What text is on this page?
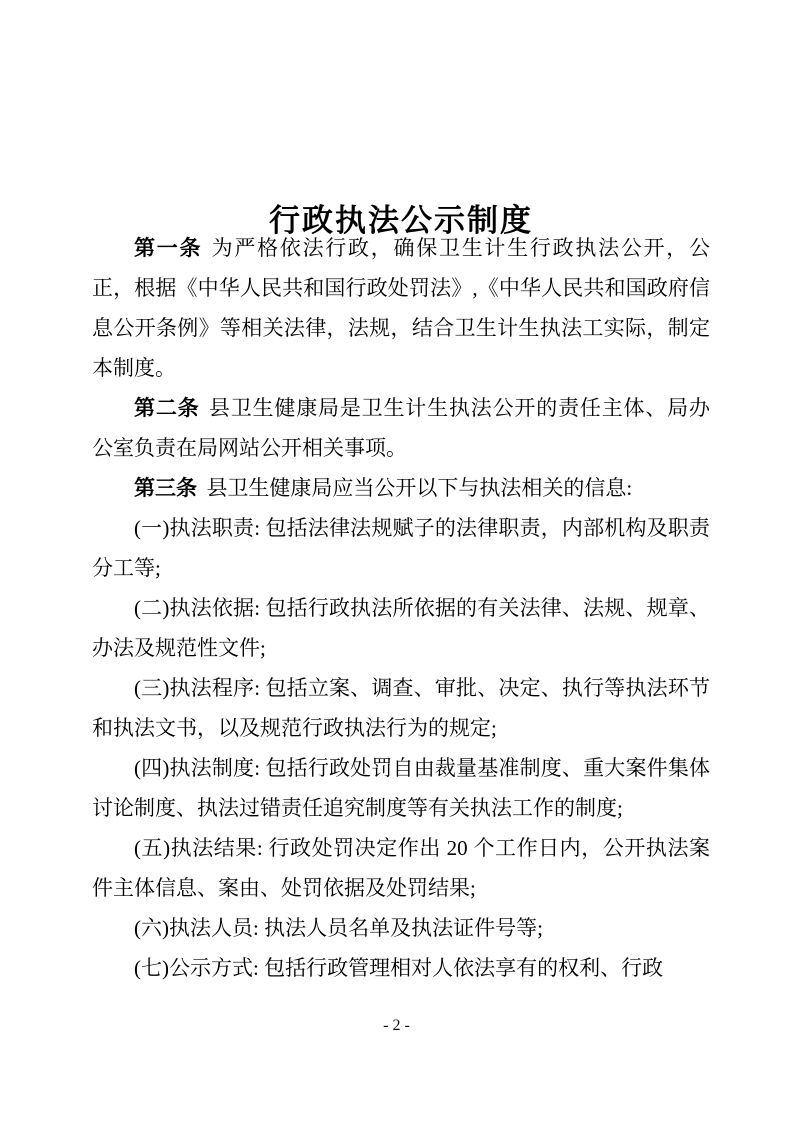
行政执法公示制度

第一条 为严格依法行政，确保卫生计生行政执法公开，公正，根据《中华人民共和国行政处罚法》,《中华人民共和国政府信息公开条例》等相关法律，法规，结合卫生计生执法工实际，制定本制度。

第二条 县卫生健康局是卫生计生执法公开的责任主体、局办公室负责在局网站公开相关事项。

第三条 县卫生健康局应当公开以下与执法相关的信息:

(一)执法职责: 包括法律法规赋子的法律职责，内部机构及职责分工等;

(二)执法依据: 包括行政执法所依据的有关法律、法规、规章、办法及规范性文件;

(三)执法程序: 包括立案、调查、审批、决定、执行等执法环节和执法文书，以及规范行政执法行为的规定;

(四)执法制度: 包括行政处罚自由裁量基准制度、重大案件集体讨论制度、执法过错责任追究制度等有关执法工作的制度;

(五)执法结果: 行政处罚决定作出 20 个工作日内，公开执法案件主体信息、案由、处罚依据及处罚结果;

(六)执法人员: 执法人员名单及执法证件号等;

(七)公示方式: 包括行政管理相对人依法享有的权利、行政

- 2 -
